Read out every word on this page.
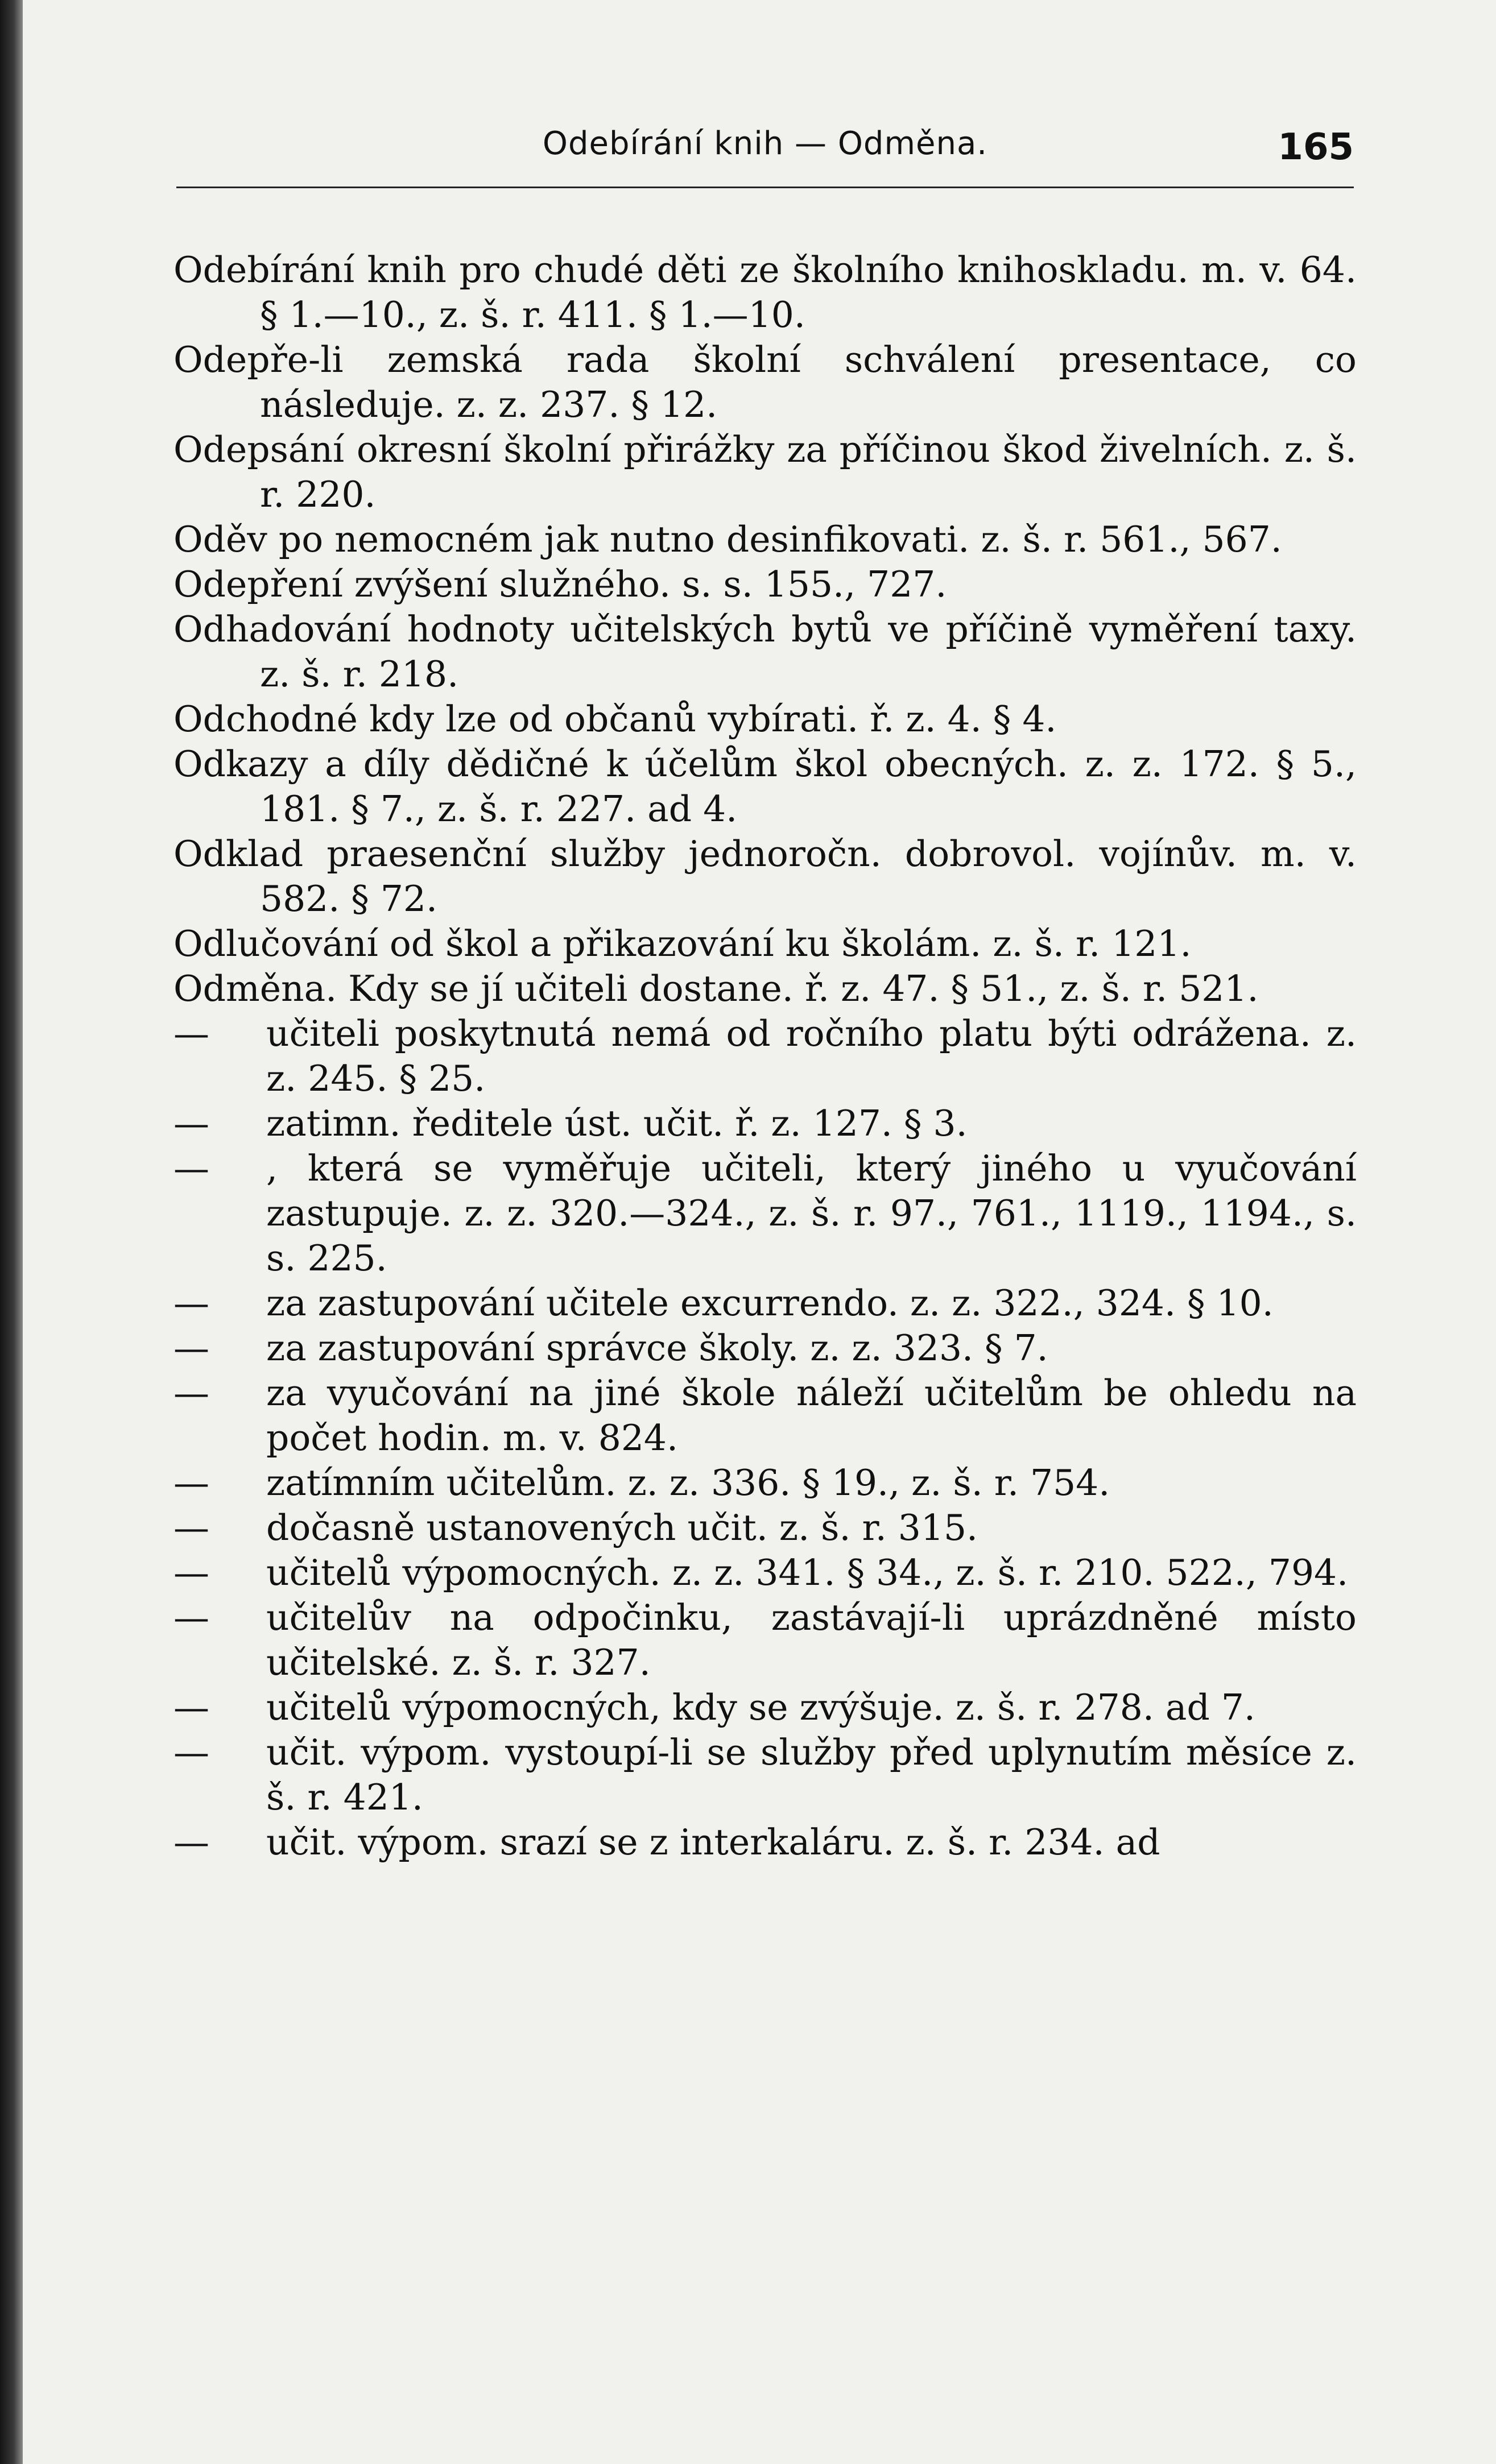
Odebírání knih — Odměna.	165
Odebírání knih pro chudé děti ze školního knihoskladu. m. v. 64. § 1.—10., z. š. r. 411. § 1.—10.
Odepře-li zemská rada školní schválení presentace, co následuje. z. z. 237. § 12.
Odepsání okresní školní přirážky za příčinou škod živelních. z. š. r. 220.
Oděv po nemocném jak nutno desinfikovati. z. š. r. 561., 567.
Odepření zvýšení služného. s. s. 155., 727.
Odhadování hodnoty učitelských bytů ve příčině vyměření taxy. z. š. r. 218.
Odchodné kdy lze od občanů vybírati. ř. z. 4. § 4.
Odkazy a díly dědičné k účelům škol obecných. z. z. 172. § 5., 181. § 7., z. š. r. 227. ad 4.
Odklad praesenční služby jednoročn. dobrovol. vojínův. m. v. 582. § 72.
Odlučování od škol a přikazování ku školám. z. š. r. 121.
Odměna. Kdy se jí učiteli dostane. ř. z. 47. § 51., z. š. r. 521.
—	učiteli poskytnutá nemá od ročního platu býti odrážena. z. z. 245. § 25.
—	zatimn. ředitele úst. učit. ř. z. 127. § 3.
—	, která se vyměřuje učiteli, který jiného u vyučování zastupuje. z. z. 320.—324., z. š. r. 97., 761., 1119., 1194., s. s. 225.
—	za zastupování učitele excurrendo. z. z. 322., 324. § 10.
—	za zastupování správce školy. z. z. 323. § 7.
—	za vyučování na jiné škole náleží učitelům be ohledu na počet hodin. m. v. 824.
—	zatímním učitelům. z. z. 336. § 19., z. š. r. 754.
—	dočasně ustanovených učit. z. š. r. 315.
—	učitelů výpomocných. z. z. 341. § 34., z. š. r. 210. 522., 794.
—	učitelův na odpočinku, zastávají-li uprázdněné místo učitelské. z. š. r. 327.
—	učitelů výpomocných, kdy se zvýšuje. z. š. r. 278. ad 7.
—	učit. výpom. vystoupí-li se služby před uplynutím měsíce z. š. r. 421.
—	učit. výpom. srazí se z interkaláru. z. š. r. 234. ad
